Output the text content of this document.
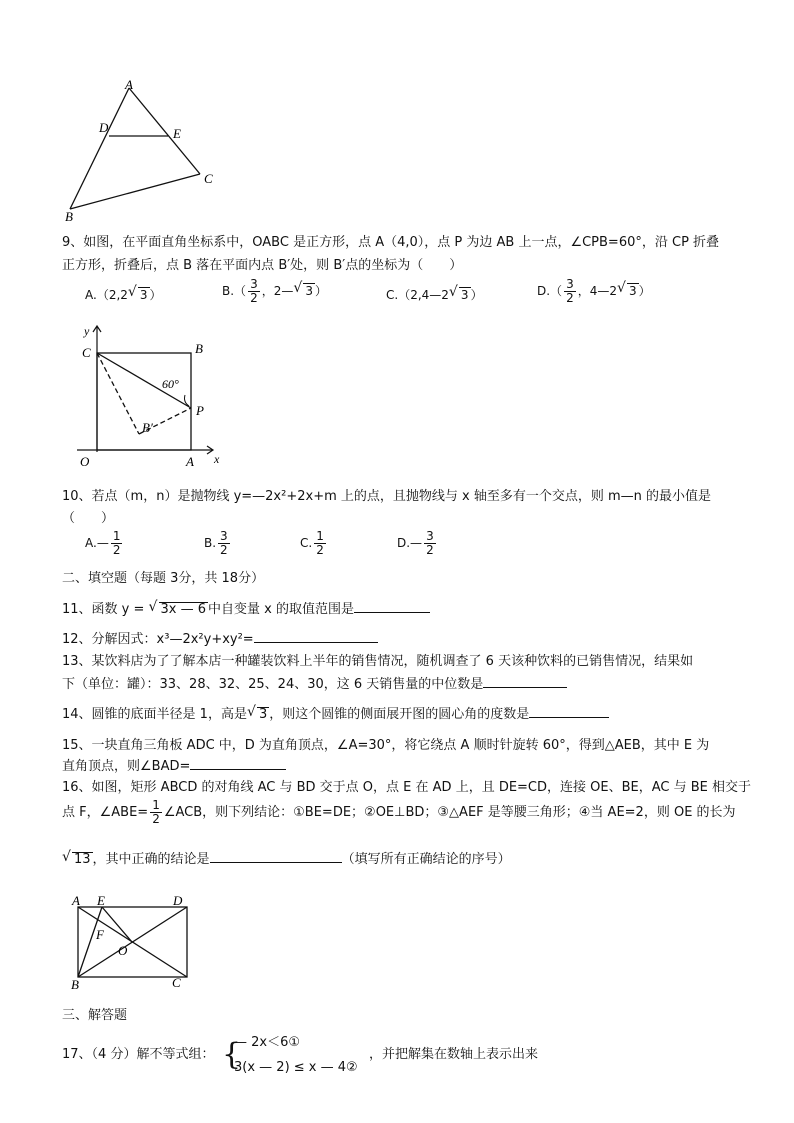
A
D	E
C
B
9、如图，在平面直角坐标系中，OABC 是正方形，点 A（4,0），点 P 为边 AB 上一点，∠CPB=60°，沿 CP 折叠
正方形，折叠后，点 B 落在平面内点 B′处，则 B′点的坐标为（　　）
A.（2,2 √ 3 ）	$B.( \frac{3}{2}$ ，2— √ 3 ）	C.（2,4—2 √ 3 ）	$D.( \frac{3}{2}$ ，4—2 √ 3 ）
y
x
C	B
O	A
P
B′
60°
10、若点（m，n）是抛物线 y=—2x²+2x+m 上的点，且抛物线与 x 轴至多有一个交点，则 m—n 的最小值是
（　　）
A.— $\frac{1}{2}$	B. $\frac{3}{2}$	C. $\frac{1}{2}$	D.— $\frac{3}{2}$
二、填空题（每题 3分，共 18分）
11、函数 y = √ 3x — 6 中自变量 x 的取值范围是
12、分解因式：x³—2x²y+xy²=
13、某饮料店为了了解本店一种罐装饮料上半年的销售情况，随机调查了 6 天该种饮料的已销售情况，结果如
下（单位：罐）：33、28、32、25、24、30，这 6 天销售量的中位数是
14、圆锥的底面半径是 1，高是 √ 3 ，则这个圆锥的侧面展开图的圆心角的度数是
15、一块直角三角板 ADC 中，D 为直角顶点，∠A=30°，将它绕点 A 顺时针旋转 60°，得到△AEB，其中 E 为
直角顶点，则∠BAD=
16、如图，矩形 ABCD 的对角线 AC 与 BD 交于点 O，点 E 在 AD 上，且 DE=CD，连接 OE、BE，AC 与 BE 相交于
点 F，∠ABE= $\frac{1}{2}$ ∠ACB，则下列结论：①BE=DE；②OE⊥BD；③△AEF 是等腰三角形；④当 AE=2，则 OE 的长为
√ 13 ，其中正确的结论是	（填写所有正确结论的序号）
A E	D
F
O
B	C
三、解答题
17、（4 分）解不等式组： {
— 2x＜6①
3(x — 2) ≤ x — 4②
，并把解集在数轴上表示出来
